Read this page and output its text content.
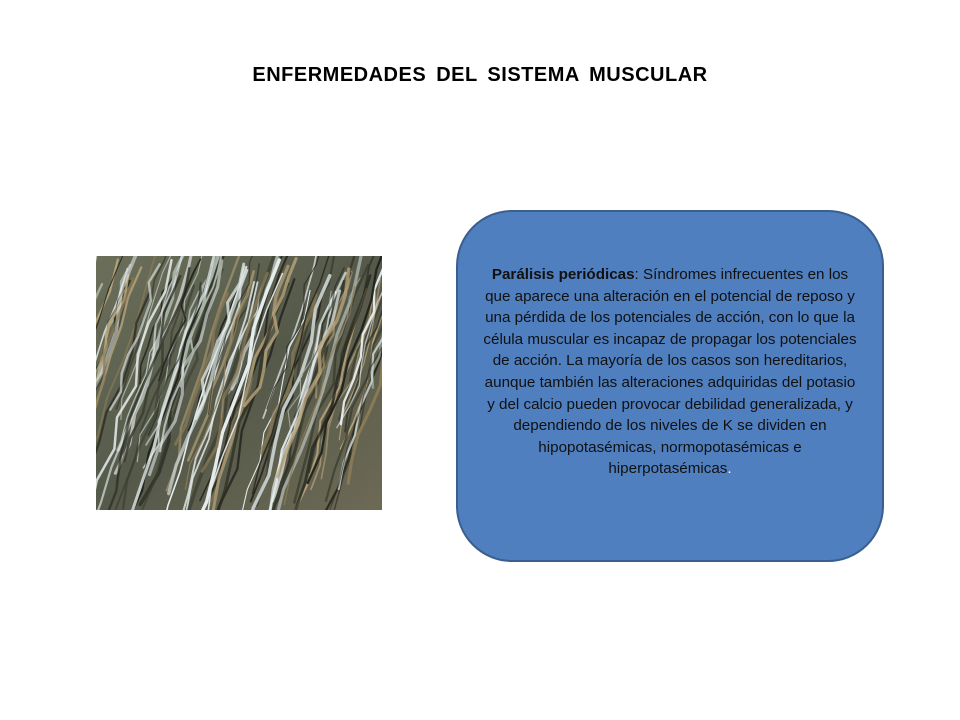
ENFERMEDADES DEL SISTEMA MUSCULAR
Parálisis periódicas: Síndromes infrecuentes en los que aparece una alteración en el potencial de reposo y una pérdida de los potenciales de acción, con lo que la célula muscular es incapaz de propagar los potenciales de acción. La mayoría de los casos son hereditarios, aunque también las alteraciones adquiridas del potasio y del calcio pueden provocar debilidad generalizada, y dependiendo de los niveles de K se dividen en hipopotasémicas, normopotasémicas e hiperpotasémicas.
